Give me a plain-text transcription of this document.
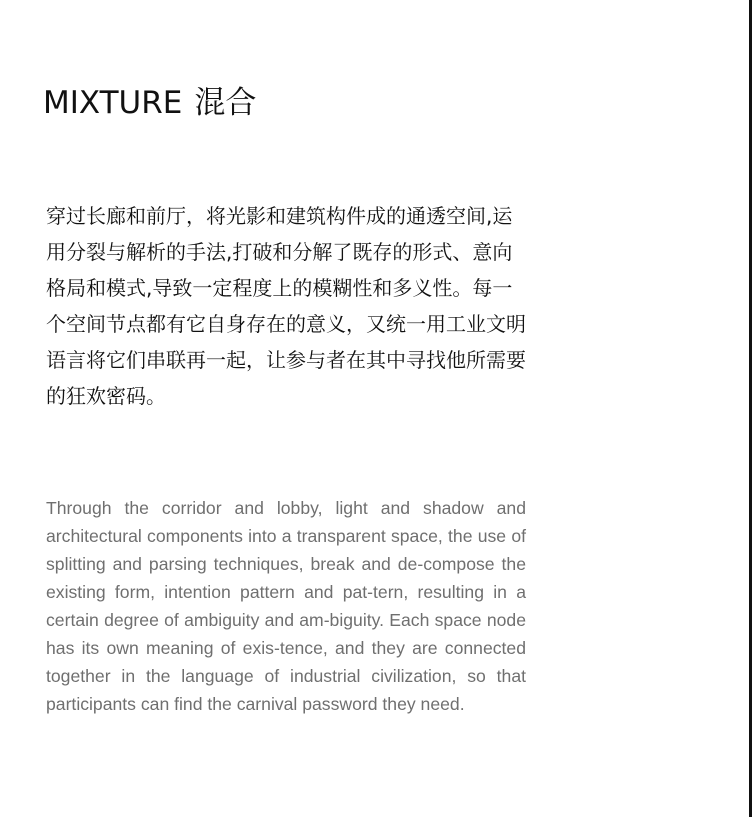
MIXTURE 混合

穿过长廊和前厅，将光影和建筑构件成的通透空间,运用分裂与解析的手法,打破和分解了既存的形式、意向格局和模式,导致一定程度上的模糊性和多义性。每一个空间节点都有它自身存在的意义，又统一用工业文明语言将它们串联再一起，让参与者在其中寻找他所需要的狂欢密码。

Through the corridor and lobby, light and shadow and architectural components into a transparent space, the use of splitting and parsing techniques, break and de-compose the existing form, intention pattern and pat-tern, resulting in a certain degree of ambiguity and am-biguity. Each space node has its own meaning of exis-tence, and they are connected together in the language of industrial civilization, so that participants can find the carnival password they need.
